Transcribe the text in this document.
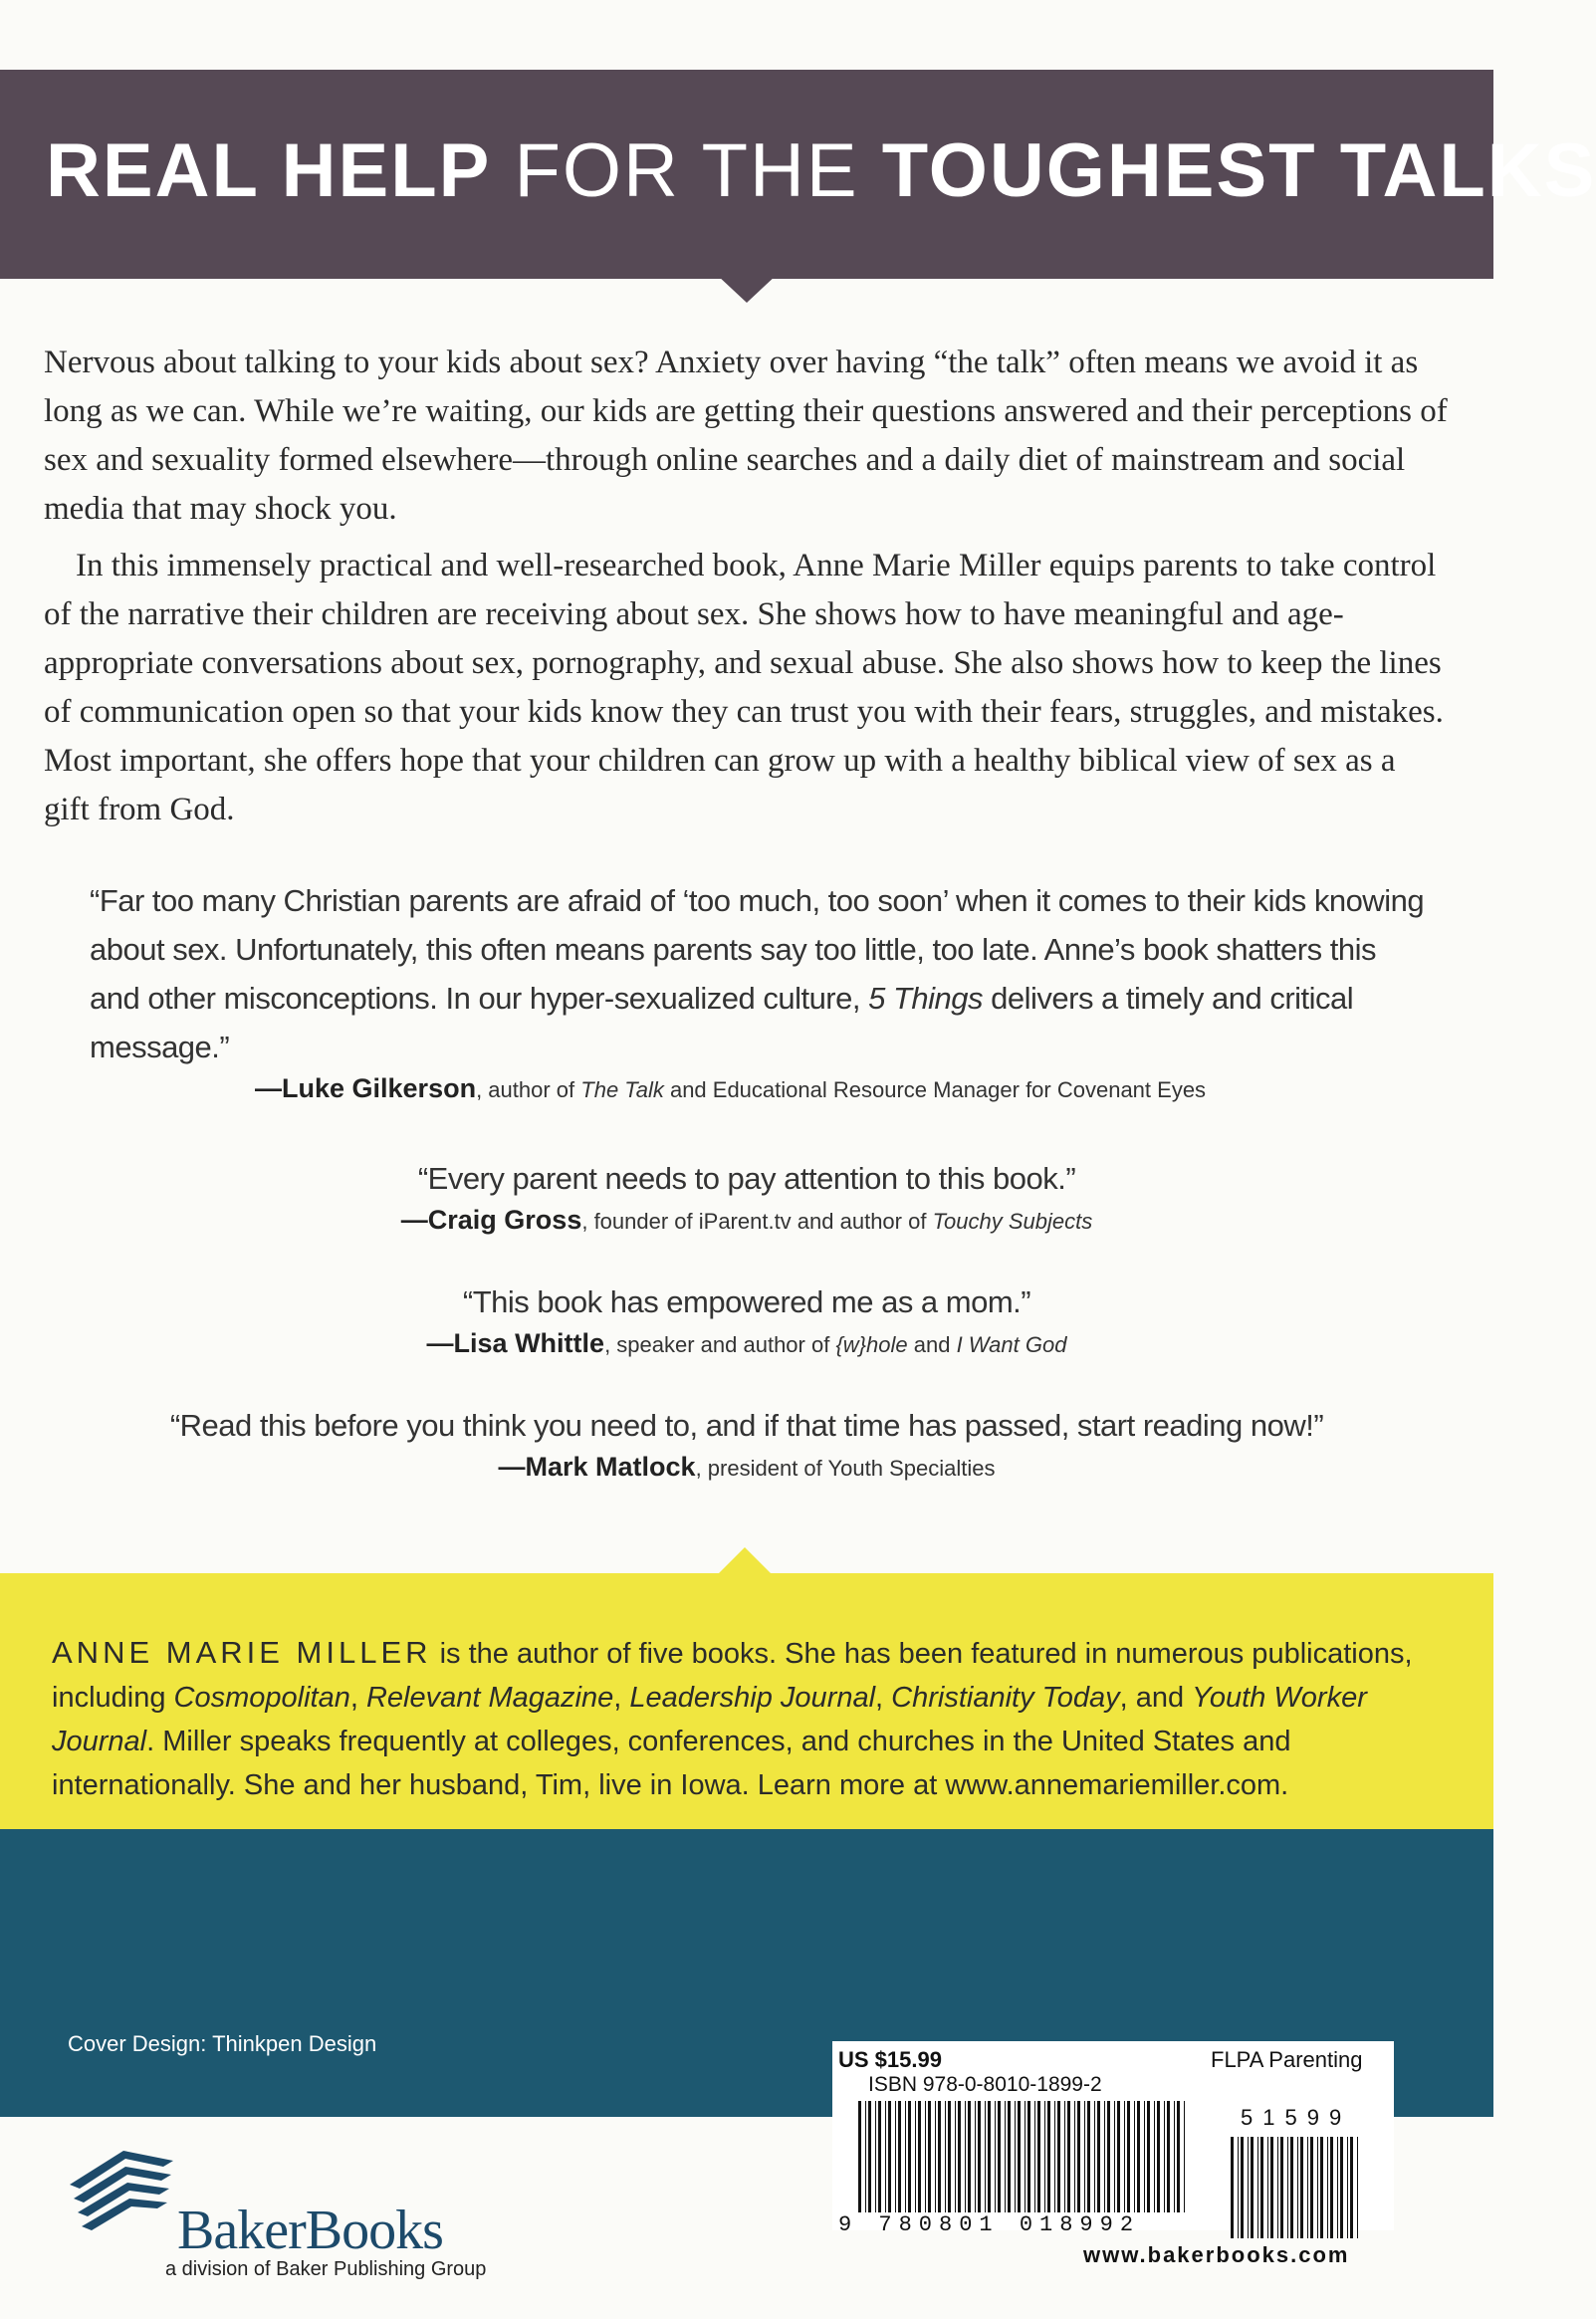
REAL HELP FOR THE TOUGHEST TALKS

Nervous about talking to your kids about sex? Anxiety over having “the talk” often means we avoid it as long as we can. While we’re waiting, our kids are getting their questions answered and their perceptions of sex and sexuality formed elsewhere—through online searches and a daily diet of mainstream and social media that may shock you.

In this immensely practical and well-researched book, Anne Marie Miller equips parents to take control of the narrative their children are receiving about sex. She shows how to have meaningful and age-appropriate conversations about sex, pornography, and sexual abuse. She also shows how to keep the lines of communication open so that your kids know they can trust you with their fears, struggles, and mistakes. Most important, she offers hope that your children can grow up with a healthy biblical view of sex as a gift from God.

“Far too many Christian parents are afraid of ‘too much, too soon’ when it comes to their kids knowing about sex. Unfortunately, this often means parents say too little, too late. Anne’s book shatters this and other misconceptions. In our hyper-sexualized culture, 5 Things delivers a timely and critical message.”
—Luke Gilkerson, author of The Talk and Educational Resource Manager for Covenant Eyes
“Every parent needs to pay attention to this book.”
—Craig Gross, founder of iParent.tv and author of Touchy Subjects
“This book has empowered me as a mom.”
—Lisa Whittle, speaker and author of {w}hole and I Want God
“Read this before you think you need to, and if that time has passed, start reading now!”
—Mark Matlock, president of Youth Specialties
ANNE MARIE MILLER is the author of five books. She has been featured in numerous publications, including Cosmopolitan, Relevant Magazine, Leadership Journal, Christianity Today, and Youth Worker Journal. Miller speaks frequently at colleges, conferences, and churches in the United States and internationally. She and her husband, Tim, live in Iowa. Learn more at www.annemariemiller.com.
Cover Design: Thinkpen Design
US $15.99
ISBN 978-0-8010-1899-2
FLPA Parenting
51599
9 780801 018992
www.bakerbooks.com
BakerBooks
a division of Baker Publishing Group
